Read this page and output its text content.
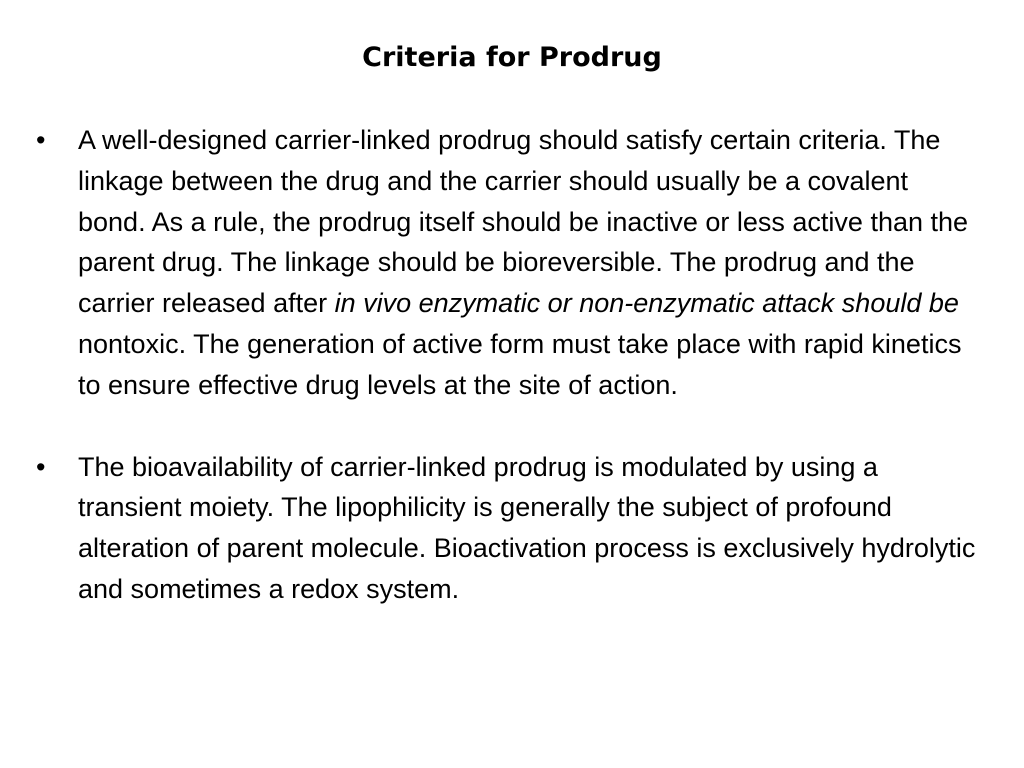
Criteria for Prodrug
•	A well-designed carrier-linked prodrug should satisfy certain criteria. The linkage between the drug and the carrier should usually be a covalent bond. As a rule, the prodrug itself should be inactive or less active than the parent drug. The linkage should be bioreversible. The prodrug and the carrier released after in vivo enzymatic or non-enzymatic attack should be nontoxic. The generation of active form must take place with rapid kinetics to ensure effective drug levels at the site of action.
•	The bioavailability of carrier-linked prodrug is modulated by using a transient moiety. The lipophilicity is generally the subject of profound alteration of parent molecule. Bioactivation process is exclusively hydrolytic and sometimes a redox system.
